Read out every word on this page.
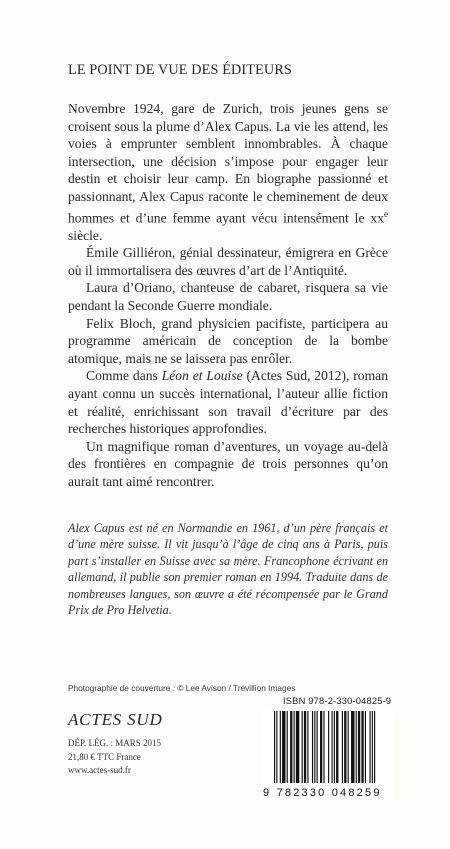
LE POINT DE VUE DES ÉDITEURS

Novembre 1924, gare de Zurich, trois jeunes gens se croisent sous la plume d’Alex Capus. La vie les attend, les voies à emprunter semblent innombrables. À chaque intersection, une décision s’impose pour engager leur destin et choisir leur camp. En biographe passionné et passionnant, Alex Capus raconte le cheminement de deux hommes et d’une femme ayant vécu intensément le $xx^e$ siècle.

Émile Gilliéron, génial dessinateur, émigrera en Grèce où il immortalisera des œuvres d’art de l’Antiquité.

Laura d’Oriano, chanteuse de cabaret, risquera sa vie pendant la Seconde Guerre mondiale.

Felix Bloch, grand physicien pacifiste, participera au programme américain de conception de la bombe atomique, mais ne se laissera pas enrôler.

Comme dans Léon et Louise (Actes Sud, 2012), roman ayant connu un succès international, l’auteur allie fiction et réalité, enrichissant son travail d’écriture par des recherches historiques approfondies.

Un magnifique roman d’aventures, un voyage au-delà des frontières en compagnie de trois personnes qu’on aurait tant aimé rencontrer.

Alex Capus est né en Normandie en 1961, d’un père français et d’une mère suisse. Il vit jusqu’à l’âge de cinq ans à Paris, puis part s’installer en Suisse avec sa mère. Francophone écrivant en allemand, il publie son premier roman en 1994. Traduite dans de nombreuses langues, son œuvre a été récompensée par le Grand Prix de Pro Helvetia.
Photographie de couverture : © Lee Avison / Trevillion Images
ACTES SUD
DÉP. LÉG. : MARS 2015
21,80 € TTC France
www.actes-sud.fr
ISBN 978-2-330-04825-9
9 782330 048259
